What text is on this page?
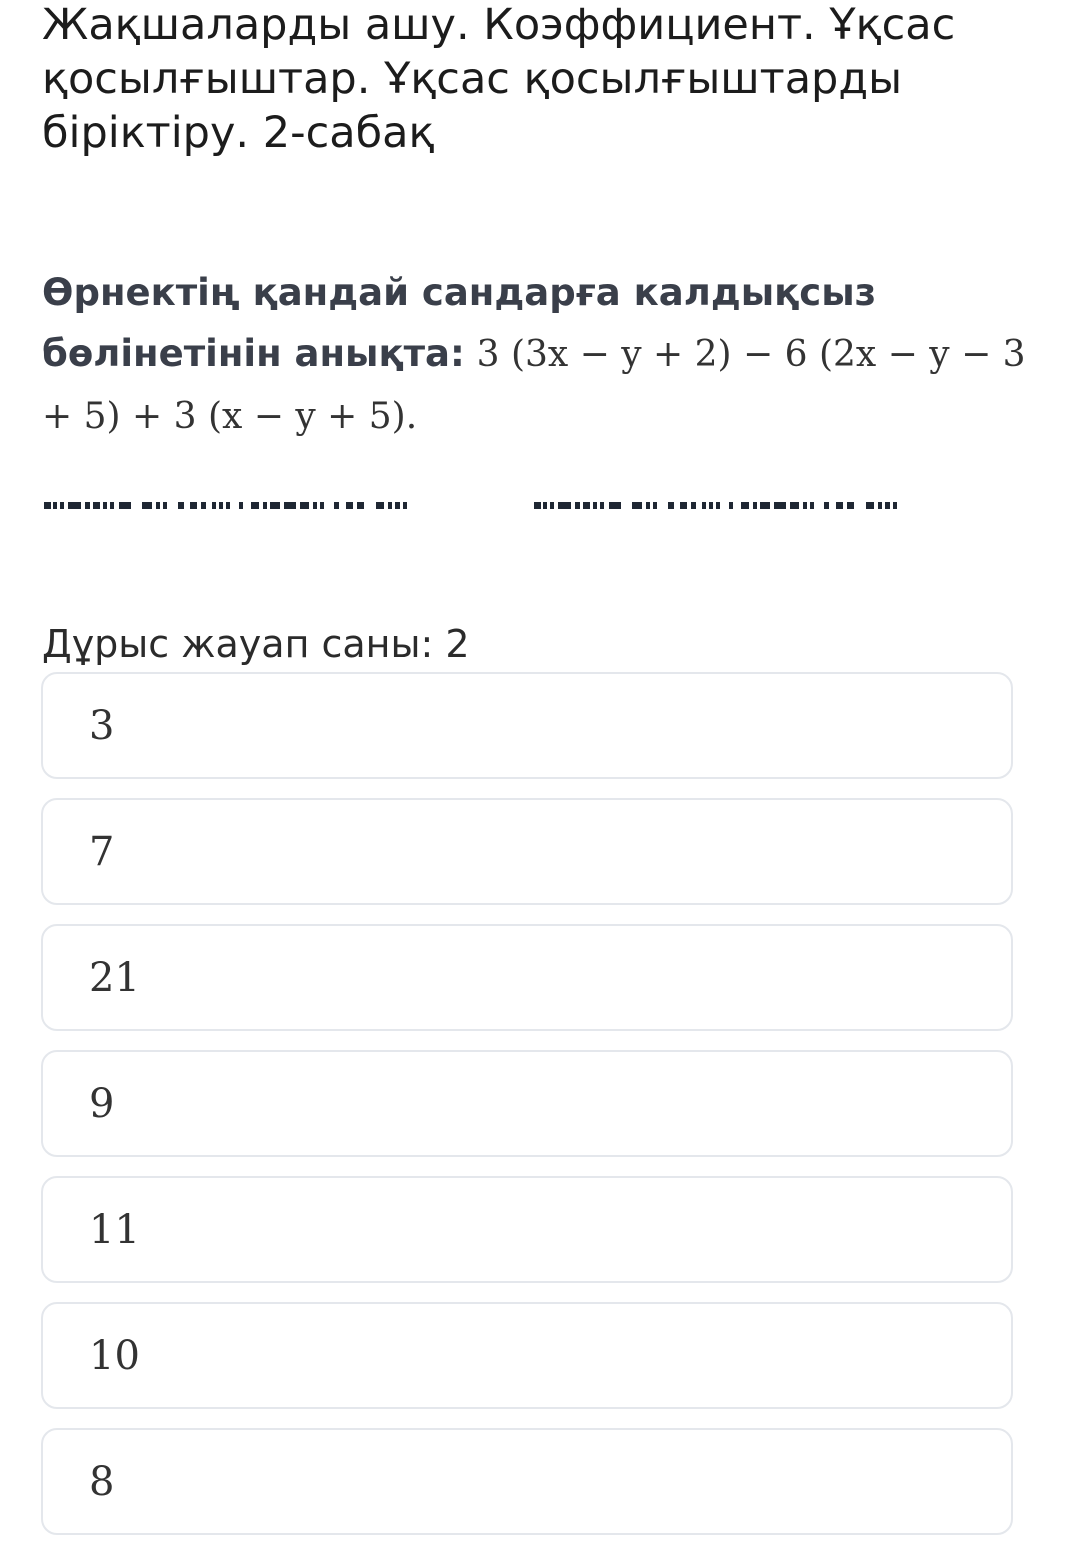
Жақшаларды ашу. Коэффициент. Ұқсас қосылғыштар. Ұқсас қосылғыштарды біріктіру. 2-сабақ

Өрнектің қандай сандарға калдықсыз бөлінетінін анықта: 3 (3x − y + 2) − 6 (2x − y − 3 + 5) + 3 (x − y + 5).

Дұрыс жауап саны: 2

3
7
21
9
11
10
8
